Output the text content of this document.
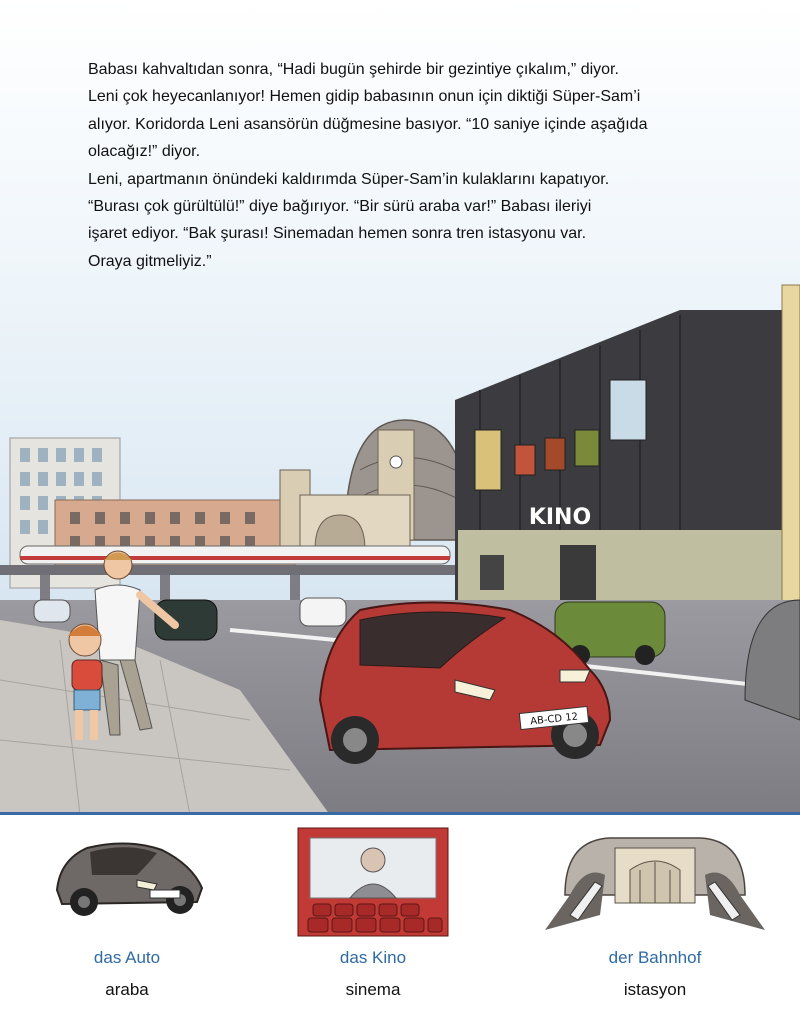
KINO
AB-CD 12
Babası kahvaltıdan sonra, “Hadi bugün şehirde bir gezintiye çıkalım,” diyor.
Leni çok heyecanlanıyor! Hemen gidip babasının onun için diktiği Süper-Sam’i
alıyor. Koridorda Leni asansörün düğmesine basıyor. “10 saniye içinde aşağıda
olacağız!” diyor.
Leni, apartmanın önündeki kaldırımda Süper-Sam’in kulaklarını kapatıyor.
“Burası çok gürültülü!” diye bağırıyor. “Bir sürü araba var!” Babası ileriyi
işaret ediyor. “Bak şurası! Sinemadan hemen sonra tren istasyonu var.
Oraya gitmeliyiz.”
das Auto
araba
das Kino
sinema
der Bahnhof
istasyon
